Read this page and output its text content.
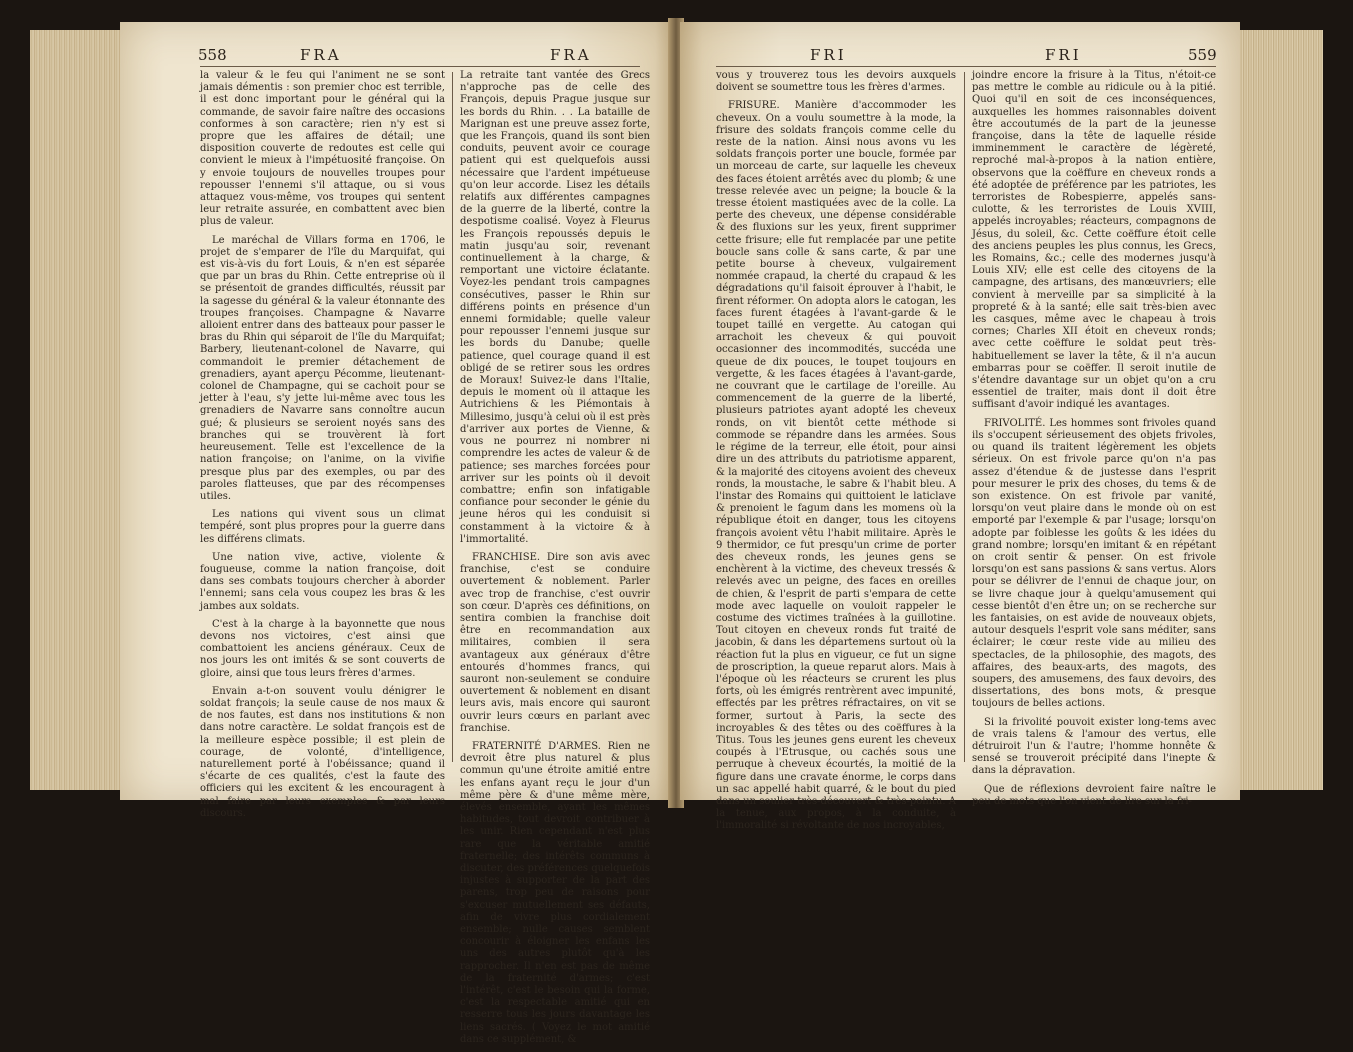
558	FRA	FRA

la valeur & le feu qui l'animent ne se sont jamais démentis : son premier choc est terrible, il est donc important pour le général qui la commande, de savoir faire naître des occasions conformes à son caractère; rien n'y est si propre que les affaires de détail; une disposition couverte de redoutes est celle qui convient le mieux à l'impétuosité françoise. On y envoie toujours de nouvelles troupes pour repousser l'ennemi s'il attaque, ou si vous attaquez vous-même, vos troupes qui sentent leur retraite assurée, en combattent avec bien plus de valeur.

Le maréchal de Villars forma en 1706, le projet de s'emparer de l'île du Marquifat, qui est vis-à-vis du fort Louis, & n'en est séparée que par un bras du Rhin. Cette entreprise où il se présentoit de grandes difficultés, réussit par la sagesse du général & la valeur étonnante des troupes françoises. Champagne & Navarre alloient entrer dans des batteaux pour passer le bras du Rhin qui séparoit de l'île du Marquifat; Barbery, lieutenant-colonel de Navarre, qui commandoit le premier détachement de grenadiers, ayant aperçu Pécomme, lieutenant-colonel de Champagne, qui se cachoit pour se jetter à l'eau, s'y jette lui-même avec tous les grenadiers de Navarre sans connoître aucun gué; & plusieurs se seroient noyés sans des branches qui se trouvèrent là fort heureusement. Telle est l'excellence de la nation françoise; on l'anime, on la vivifie presque plus par des exemples, ou par des paroles flatteuses, que par des récompenses utiles.

Les nations qui vivent sous un climat tempéré, sont plus propres pour la guerre dans les différens climats.

Une nation vive, active, violente & fougueuse, comme la nation françoise, doit dans ses combats toujours chercher à aborder l'ennemi; sans cela vous coupez les bras & les jambes aux soldats.

C'est à la charge à la bayonnette que nous devons nos victoires, c'est ainsi que combattoient les anciens généraux. Ceux de nos jours les ont imités & se sont couverts de gloire, ainsi que tous leurs frères d'armes.

Envain a-t-on souvent voulu dénigrer le soldat françois; la seule cause de nos maux & de nos fautes, est dans nos institutions & non dans notre caractère. Le soldat françois est de la meilleure espèce possible; il est plein de courage, de volonté, d'intelligence, naturellement porté à l'obéissance; quand il s'écarte de ces qualités, c'est la faute des officiers qui les excitent & les encouragent à mal faire par leurs exemples & par leurs discours.

La retraite tant vantée des Grecs n'approche pas de celle des François, depuis Prague jusque sur les bords du Rhin. . . La bataille de Marignan est une preuve assez forte, que les François, quand ils sont bien conduits, peuvent avoir ce courage patient qui est quelquefois aussi nécessaire que l'ardent impétueuse qu'on leur accorde. Lisez les détails relatifs aux différentes campagnes de la guerre de la liberté, contre la despotisme coalisé. Voyez à Fleurus les François repoussés depuis le matin jusqu'au soir, revenant continuellement à la charge, & remportant une victoire éclatante. Voyez-les pendant trois campagnes consécutives, passer le Rhin sur différens points en présence d'un ennemi formidable; quelle valeur pour repousser l'ennemi jusque sur les bords du Danube; quelle patience, quel courage quand il est obligé de se retirer sous les ordres de Moraux! Suivez-le dans l'Italie, depuis le moment où il attaque les Autrichiens & les Piémontais à Millesimo, jusqu'à celui où il est près d'arriver aux portes de Vienne, & vous ne pourrez ni nombrer ni comprendre les actes de valeur & de patience; ses marches forcées pour arriver sur les points où il devoit combattre; enfin son infatigable confiance pour seconder le génie du jeune héros qui les conduisit si constamment à la victoire & à l'immortalité.

FRANCHISE. Dire son avis avec franchise, c'est se conduire ouvertement & noblement. Parler avec trop de franchise, c'est ouvrir son cœur. D'après ces définitions, on sentira combien la franchise doit être en recommandation aux militaires, combien il sera avantageux aux généraux d'être entourés d'hommes francs, qui sauront non-seulement se conduire ouvertement & noblement en disant leurs avis, mais encore qui sauront ouvrir leurs cœurs en parlant avec franchise.

FRATERNITÉ D'ARMES. Rien ne devroit être plus naturel & plus commun qu'une étroite amitié entre les enfans ayant reçu le jour d'un même père & d'une même mère, élevés ensemble, ayant les mêmes habitudes, tout devroit contribuer à les unir. Rien cependant n'est plus rare que la véritable amitié fraternelle; des intérêts communs à discuter, des préférences quelquefois injustes à supporter de la part des parens, trop peu de raisons pour s'excuser mutuellement ses défauts, afin de vivre plus cordialement ensemble; nulle causes semblent concourir à éloigner les enfans les uns des autres plutôt qu'à les rapprocher. Il n'en est pas de même de la fraternité d'armes; c'est l'intérêt, c'est le besoin qui la forme, c'est la respectable amitié qui en resserre tous les jours davantage les liens sacrés. ( Voyez le mot amitié dans ce supplément, &

FRI	FRI	559

vous y trouverez tous les devoirs auxquels doivent se soumettre tous les frères d'armes.

FRISURE. Manière d'accommoder les cheveux. On a voulu soumettre à la mode, la frisure des soldats françois comme celle du reste de la nation. Ainsi nous avons vu les soldats françois porter une boucle, formée par un morceau de carte, sur laquelle les cheveux des faces étoient arrêtés avec du plomb; & une tresse relevée avec un peigne; la boucle & la tresse étoient mastiquées avec de la colle. La perte des cheveux, une dépense considérable & des fluxions sur les yeux, firent supprimer cette frisure; elle fut remplacée par une petite boucle sans colle & sans carte, & par une petite bourse à cheveux, vulgairement nommée crapaud, la cherté du crapaud & les dégradations qu'il faisoit éprouver à l'habit, le firent réformer. On adopta alors le catogan, les faces furent étagées à l'avant-garde & le toupet taillé en vergette. Au catogan qui arrachoit les cheveux & qui pouvoit occasionner des incommodités, succéda une queue de dix pouces, le toupet toujours en vergette, & les faces étagées à l'avant-garde, ne couvrant que le cartilage de l'oreille. Au commencement de la guerre de la liberté, plusieurs patriotes ayant adopté les cheveux ronds, on vit bientôt cette méthode si commode se répandre dans les armées. Sous le régime de la terreur, elle étoit, pour ainsi dire un des attributs du patriotisme apparent, & la majorité des citoyens avoient des cheveux ronds, la moustache, le sabre & l'habit bleu. A l'instar des Romains qui quittoient le laticlave & prenoient le fagum dans les momens où la république étoit en danger, tous les citoyens françois avoient vêtu l'habit militaire. Après le 9 thermidor, ce fut presqu'un crime de porter des cheveux ronds, les jeunes gens se enchèrent à la victime, des cheveux tressés & relevés avec un peigne, des faces en oreilles de chien, & l'esprit de parti s'empara de cette mode avec laquelle on vouloit rappeler le costume des victimes traînées à la guillotine. Tout citoyen en cheveux ronds fut traité de jacobin, & dans les départemens surtout où la réaction fut la plus en vigueur, ce fut un signe de proscription, la queue reparut alors. Mais à l'époque où les réacteurs se crurent les plus forts, où les émigrés rentrèrent avec impunité, effectés par les prêtres réfractaires, on vit se former, surtout à Paris, la secte des incroyables & des têtes ou des coëffures à la Titus. Tous les jeunes gens eurent les cheveux coupés à l'Etrusque, ou cachés sous une perruque à cheveux écourtés, la moitié de la figure dans une cravate énorme, le corps dans un sac appellé habit quarré, & le bout du pied dans un soulier très-découvert & très-pointu. A la tenue, aux propos, à la conduite, à l'immoralité si révoltante de nos incroyables,

joindre encore la frisure à la Titus, n'étoit-ce pas mettre le comble au ridicule ou à la pitié. Quoi qu'il en soit de ces inconséquences, auxquelles les hommes raisonnables doivent être accoutumés de la part de la jeunesse françoise, dans la tête de laquelle réside imminemment le caractère de légèreté, reproché mal-à-propos à la nation entière, observons que la coëffure en cheveux ronds a été adoptée de préférence par les patriotes, les terroristes de Robespierre, appelés sans-culotte, & les terroristes de Louis XVIII, appelés incroyables; réacteurs, compagnons de Jésus, du soleil, &c. Cette coëffure étoit celle des anciens peuples les plus connus, les Grecs, les Romains, &c.; celle des modernes jusqu'à Louis XIV; elle est celle des citoyens de la campagne, des artisans, des manœuvriers; elle convient à merveille par sa simplicité à la propreté & à la santé; elle sait très-bien avec les casques, même avec le chapeau à trois cornes; Charles XII étoit en cheveux ronds; avec cette coëffure le soldat peut très-habituellement se laver la tête, & il n'a aucun embarras pour se coëffer. Il seroit inutile de s'étendre davantage sur un objet qu'on a cru essentiel de traiter, mais dont il doit être suffisant d'avoir indiqué les avantages.

FRIVOLITÉ. Les hommes sont frivoles quand ils s'occupent sérieusement des objets frivoles, ou quand ils traitent légèrement les objets sérieux. On est frivole parce qu'on n'a pas assez d'étendue & de justesse dans l'esprit pour mesurer le prix des choses, du tems & de son existence. On est frivole par vanité, lorsqu'on veut plaire dans le monde où on est emporté par l'exemple & par l'usage; lorsqu'on adopte par foiblesse les goûts & les idées du grand nombre; lorsqu'en imitant & en répétant on croit sentir & penser. On est frivole lorsqu'on est sans passions & sans vertus. Alors pour se délivrer de l'ennui de chaque jour, on se livre chaque jour à quelqu'amusement qui cesse bientôt d'en être un; on se recherche sur les fantaisies, on est avide de nouveaux objets, autour desquels l'esprit vole sans méditer, sans éclairer; le cœur reste vide au milieu des spectacles, de la philosophie, des magots, des affaires, des beaux-arts, des magots, des soupers, des amusemens, des faux devoirs, des dissertations, des bons mots, & presque toujours de belles actions.

Si la frivolité pouvoit exister long-tems avec de vrais talens & l'amour des vertus, elle détruiroit l'un & l'autre; l'homme honnête & sensé se trouveroit précipité dans l'inepte & dans la dépravation.

Que de réflexions devroient faire naître le peu de mots que l'on vient de lire sur la fri-
